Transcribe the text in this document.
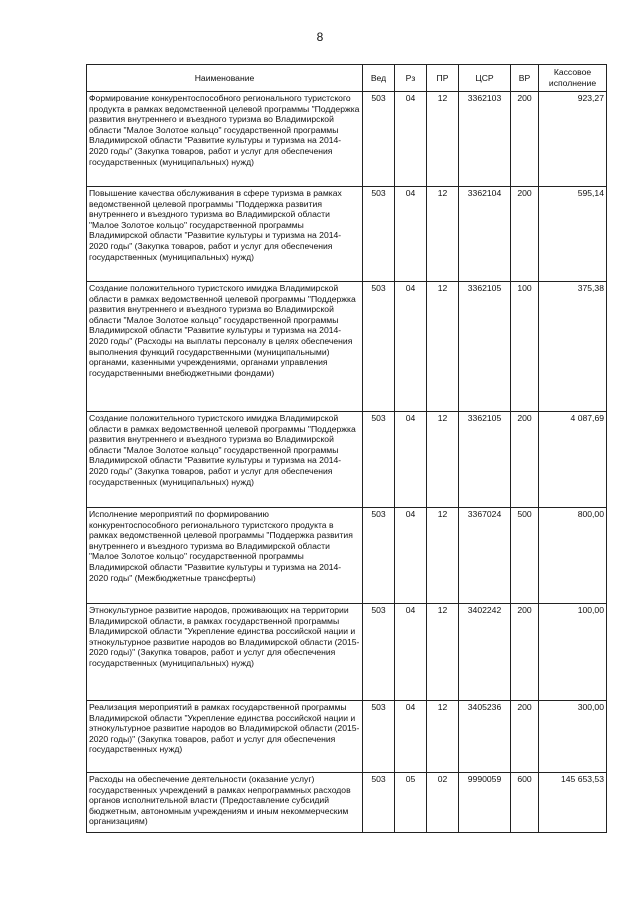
8
Наименование	Вед	Рз	ПР	ЦСР	ВР	Кассовое исполнение
Формирование конкурентоспособного регионального туристского продукта в рамках ведомственной целевой программы "Поддержка развития внутреннего и въездного туризма во Владимирской области "Малое Золотое кольцо" государственной программы Владимирской области "Развитие культуры и туризма на 2014-2020 годы" (Закупка товаров, работ и услуг для обеспечения государственных (муниципальных) нужд)	503	04	12	3362103	200	923,27
Повышение качества обслуживания в сфере туризма в рамках ведомственной целевой программы "Поддержка развития внутреннего и въездного туризма во Владимирской области "Малое Золотое кольцо" государственной программы Владимирской области "Развитие культуры и туризма на 2014-2020 годы" (Закупка товаров, работ и услуг для обеспечения государственных (муниципальных) нужд)	503	04	12	3362104	200	595,14
Создание положительного туристского имиджа Владимирской области в рамках ведомственной целевой программы "Поддержка развития внутреннего и въездного туризма во Владимирской области "Малое Золотое кольцо" государственной программы Владимирской области "Развитие культуры и туризма на 2014-2020 годы" (Расходы на выплаты персоналу в целях обеспечения выполнения функций государственными (муниципальными) органами, казенными учреждениями, органами управления государственными внебюджетными фондами)	503	04	12	3362105	100	375,38
Создание положительного туристского имиджа Владимирской области в рамках ведомственной целевой программы "Поддержка развития внутреннего и въездного туризма во Владимирской области "Малое Золотое кольцо" государственной программы Владимирской области "Развитие культуры и туризма на 2014-2020 годы" (Закупка товаров, работ и услуг для обеспечения государственных (муниципальных) нужд)	503	04	12	3362105	200	4 087,69
Исполнение мероприятий по формированию конкурентоспособного регионального туристского продукта в рамках ведомственной целевой программы "Поддержка развития внутреннего и въездного туризма во Владимирской области "Малое Золотое кольцо" государственной программы Владимирской области "Развитие культуры и туризма на 2014-2020 годы" (Межбюджетные трансферты)	503	04	12	3367024	500	800,00
Этнокультурное развитие народов, проживающих на территории Владимирской области, в рамках государственной программы Владимирской области "Укрепление единства российской нации и этнокультурное развитие народов во Владимирской области (2015-2020 годы)" (Закупка товаров, работ и услуг для обеспечения государственных (муниципальных) нужд)	503	04	12	3402242	200	100,00
Реализация мероприятий в рамках государственной программы Владимирской области "Укрепление единства российской нации и этнокультурное развитие народов во Владимирской области (2015-2020 годы)" (Закупка товаров, работ и услуг для обеспечения государственных нужд)	503	04	12	3405236	200	300,00
Расходы на обеспечение деятельности (оказание услуг) государственных учреждений в рамках непрограммных расходов органов исполнительной власти (Предоставление субсидий бюджетным, автономным учреждениям и иным некоммерческим организациям)	503	05	02	9990059	600	145 653,53
